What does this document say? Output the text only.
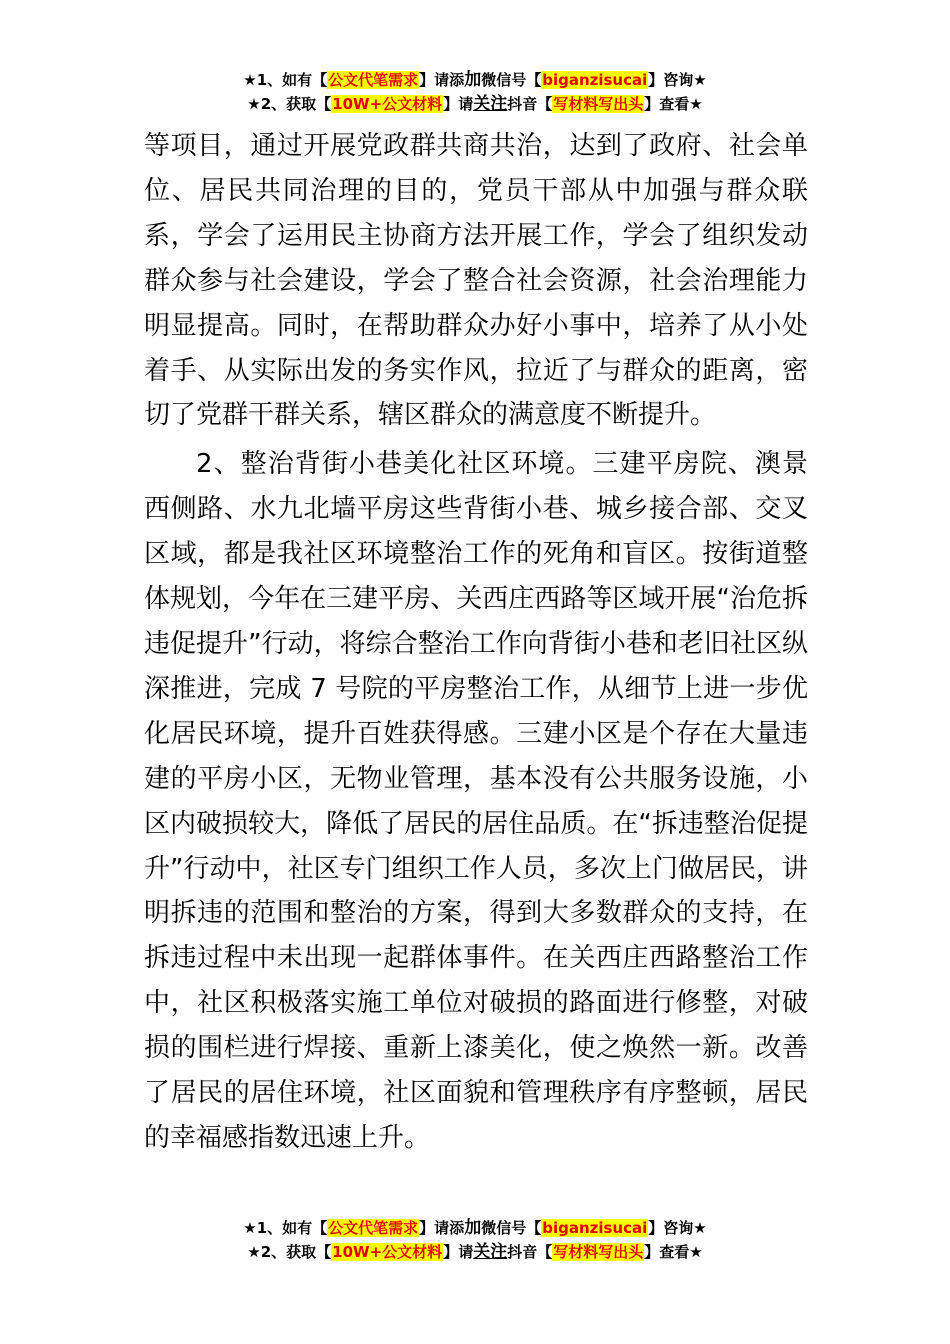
★1、如有【公文代笔需求】请添加微信号【biganzisucai】咨询★
★2、获取【10W+公文材料】请关注抖音【写材料写出头】查看★

等项目，通过开展党政群共商共治，达到了政府、社会单位、居民共同治理的目的，党员干部从中加强与群众联系，学会了运用民主协商方法开展工作，学会了组织发动群众参与社会建设，学会了整合社会资源，社会治理能力明显提高。同时，在帮助群众办好小事中，培养了从小处着手、从实际出发的务实作风，拉近了与群众的距离，密切了党群干群关系，辖区群众的满意度不断提升。

2、整治背街小巷美化社区环境。三建平房院、澳景西侧路、水九北墙平房这些背街小巷、城乡接合部、交叉区域，都是我社区环境整治工作的死角和盲区。按街道整体规划，今年在三建平房、关西庄西路等区域开展“治危拆违促提升”行动，将综合整治工作向背街小巷和老旧社区纵深推进，完成 7 号院的平房整治工作，从细节上进一步优化居民环境，提升百姓获得感。三建小区是个存在大量违建的平房小区，无物业管理，基本没有公共服务设施，小区内破损较大，降低了居民的居住品质。在“拆违整治促提升”行动中，社区专门组织工作人员，多次上门做居民，讲明拆违的范围和整治的方案，得到大多数群众的支持，在拆违过程中未出现一起群体事件。在关西庄西路整治工作中，社区积极落实施工单位对破损的路面进行修整，对破损的围栏进行焊接、重新上漆美化，使之焕然一新。改善了居民的居住环境，社区面貌和管理秩序有序整顿，居民的幸福感指数迅速上升。

★1、如有【公文代笔需求】请添加微信号【biganzisucai】咨询★
★2、获取【10W+公文材料】请关注抖音【写材料写出头】查看★
